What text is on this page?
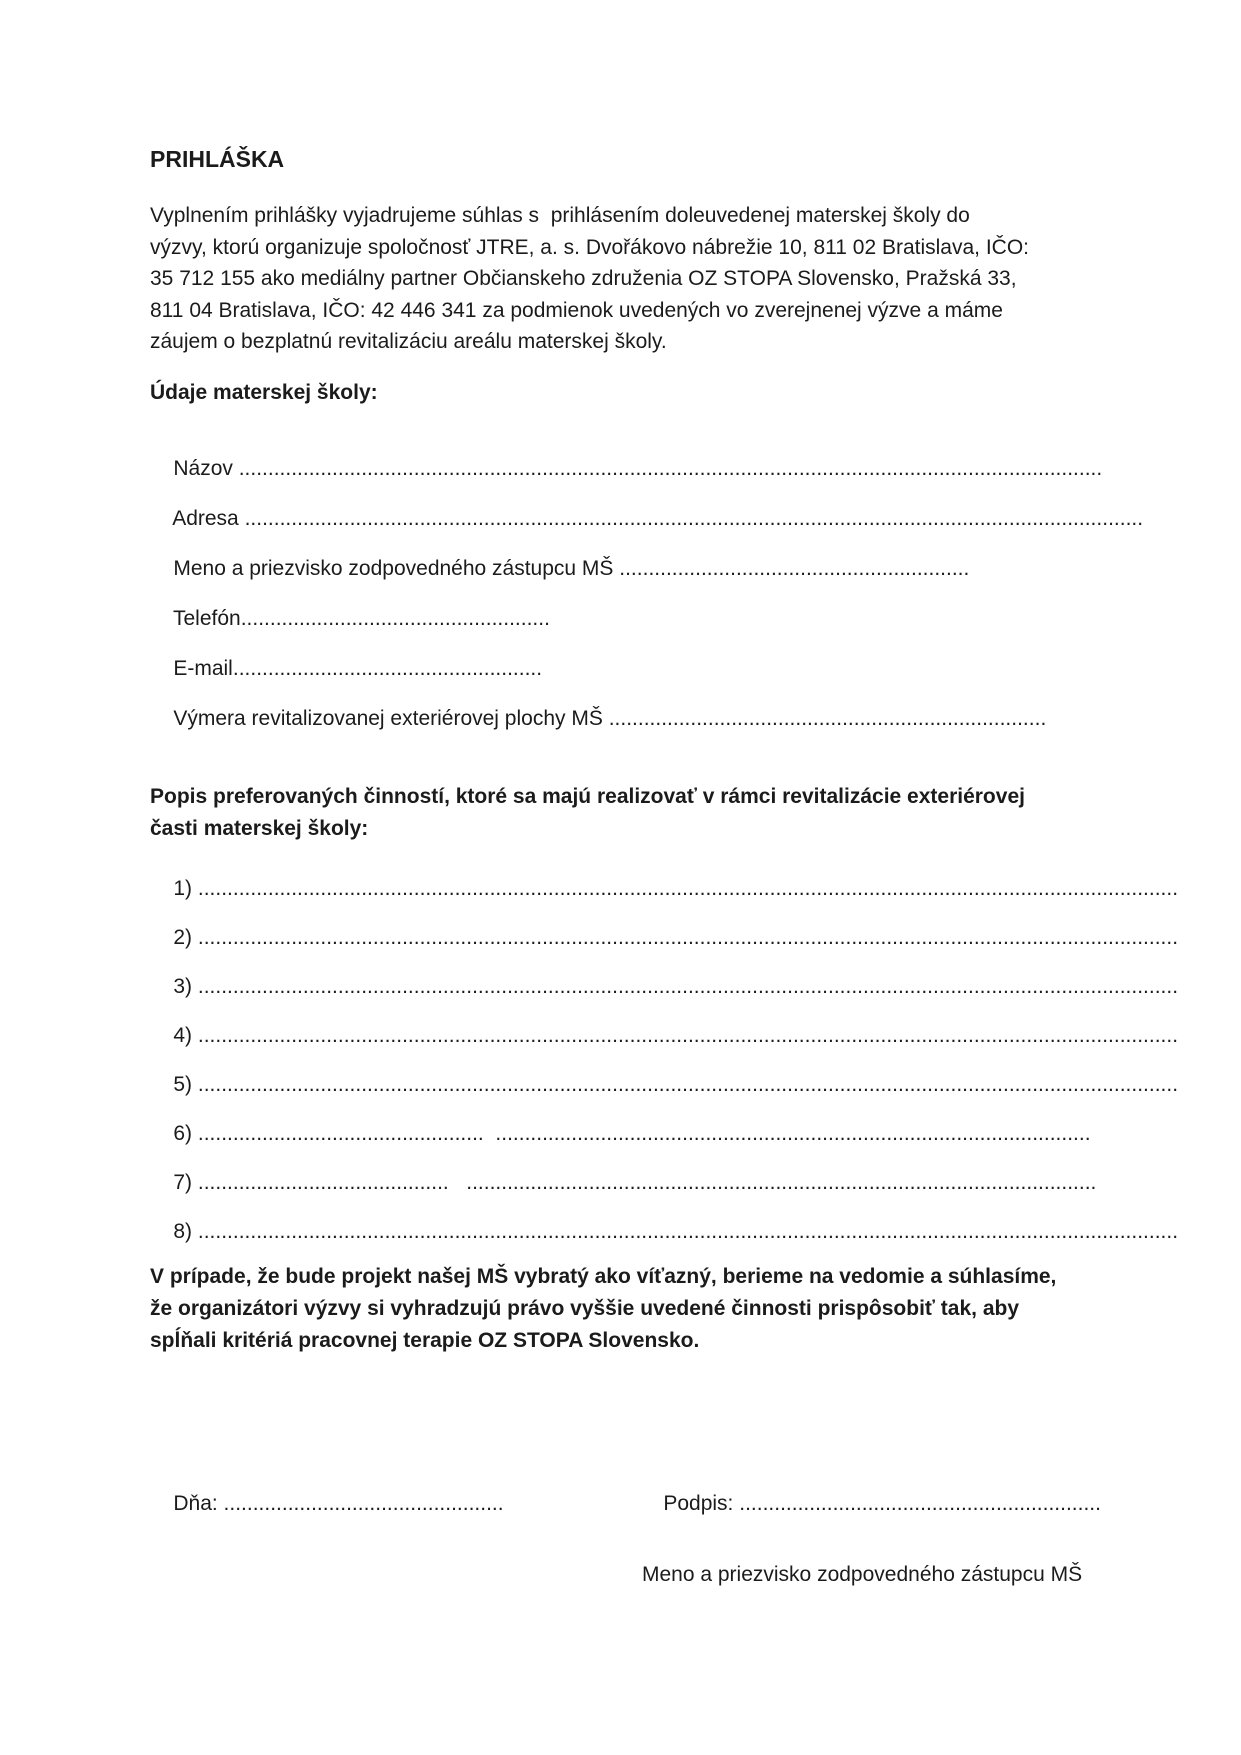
PRIHLÁŠKA
Vyplnením prihlášky vyjadrujeme súhlas s  prihlásením doleuvedenej materskej školy do
výzvy, ktorú organizuje spoločnosť JTRE, a. s. Dvořákovo nábrežie 10, 811 02 Bratislava, IČO:
35 712 155 ako mediálny partner Občianskeho združenia OZ STOPA Slovensko, Pražská 33,
811 04 Bratislava, IČO: 42 446 341 za podmienok uvedených vo zverejnenej výzve a máme
záujem o bezplatnú revitalizáciu areálu materskej školy.
Údaje materskej školy:

Názov ....................................................................................................................................................

Adresa ..........................................................................................................................................................

Meno a priezvisko zodpovedného zástupcu MŠ ............................................................

Telefón.....................................................

E-mail.....................................................

Výmera revitalizovanej exteriérovej plochy MŠ ...........................................................................

Popis preferovaných činností, ktoré sa majú realizovať v rámci revitalizácie exteriérovej
časti materskej školy:

1) ........................................................................................................................................................................

2) ........................................................................................................................................................................

3) ........................................................................................................................................................................

4) ........................................................................................................................................................................

5) ........................................................................................................................................................................

6) .................................................  ......................................................................................................

7) ...........................................   ............................................................................................................

8) ........................................................................................................................................................................

V prípade, že bude projekt našej MŠ vybratý ako víťazný, berieme na vedomie a súhlasíme,
že organizátori výzvy si vyhradzujú právo vyššie uvedené činnosti prispôsobiť tak, aby
spĺňali kritériá pracovnej terapie OZ STOPA Slovensko.

Dňa: ................................................
	Podpis: ..............................................................

Meno a priezvisko zodpovedného zástupcu MŠ
